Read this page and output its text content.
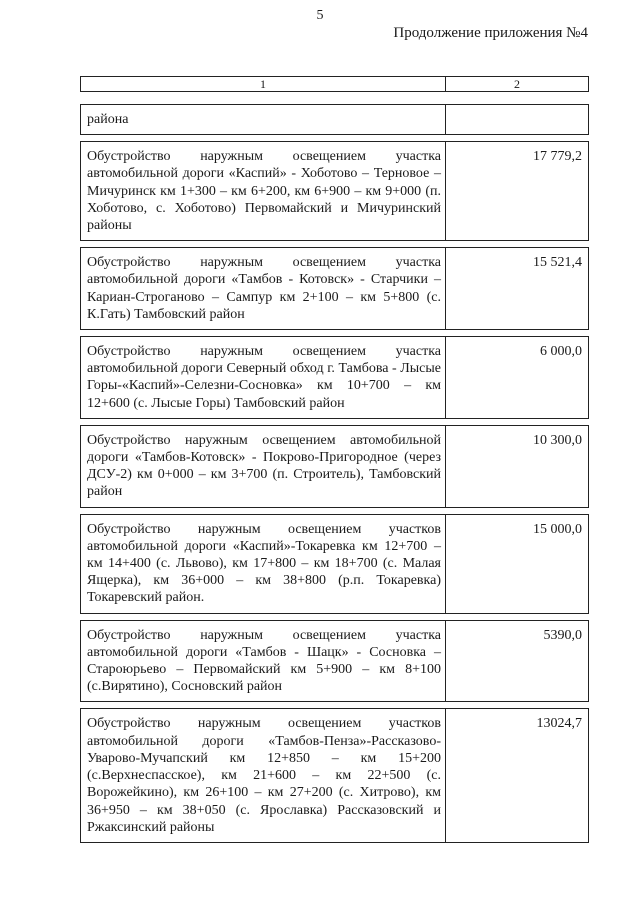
5
Продолжение приложения №4
1	2
района	

Обустройство наружным освещением участка автомобильной дороги «Каспий» - Хоботово – Терновое – Мичуринск км 1+300 – км 6+200, км 6+900 – км 9+000 (п. Хоботово, с. Хоботово) Первомайский и Мичуринский районы	17 779,2

Обустройство наружным освещением участка автомобильной дороги «Тамбов - Котовск» - Старчики – Кариан-Строганово – Сампур км 2+100 – км 5+800 (с. К.Гать) Тамбовский район	15 521,4

Обустройство наружным освещением участка автомобильной дороги Северный обход г. Тамбова - Лысые Горы-«Каспий»-Селезни-Сосновка» км 10+700 – км 12+600 (с. Лысые Горы) Тамбовский район	6 000,0

Обустройство наружным освещением автомобильной дороги «Тамбов-Котовск» - Покрово-Пригородное (через ДСУ-2) км 0+000 – км 3+700 (п. Строитель), Тамбовский район	10 300,0

Обустройство наружным освещением участков автомобильной дороги «Каспий»-Токаревка км 12+700 – км 14+400 (с. Львово), км 17+800 – км 18+700 (с. Малая Ящерка), км 36+000 – км 38+800 (р.п. Токаревка) Токаревский район.	15 000,0

Обустройство наружным освещением участка автомобильной дороги «Тамбов - Шацк» - Сосновка – Староюрьево – Первомайский км 5+900 – км 8+100 (с.Вирятино), Сосновский район	5390,0

Обустройство наружным освещением участков автомобильной дороги «Тамбов-Пенза»-Рассказово-Уварово-Мучапский км 12+850 – км 15+200 (с.Верхнеспасское), км 21+600 – км 22+500 (с. Ворожейкино), км 26+100 – км 27+200 (с. Хитрово), км 36+950 – км 38+050 (с. Ярославка) Рассказовский и Ржаксинский районы	13024,7
